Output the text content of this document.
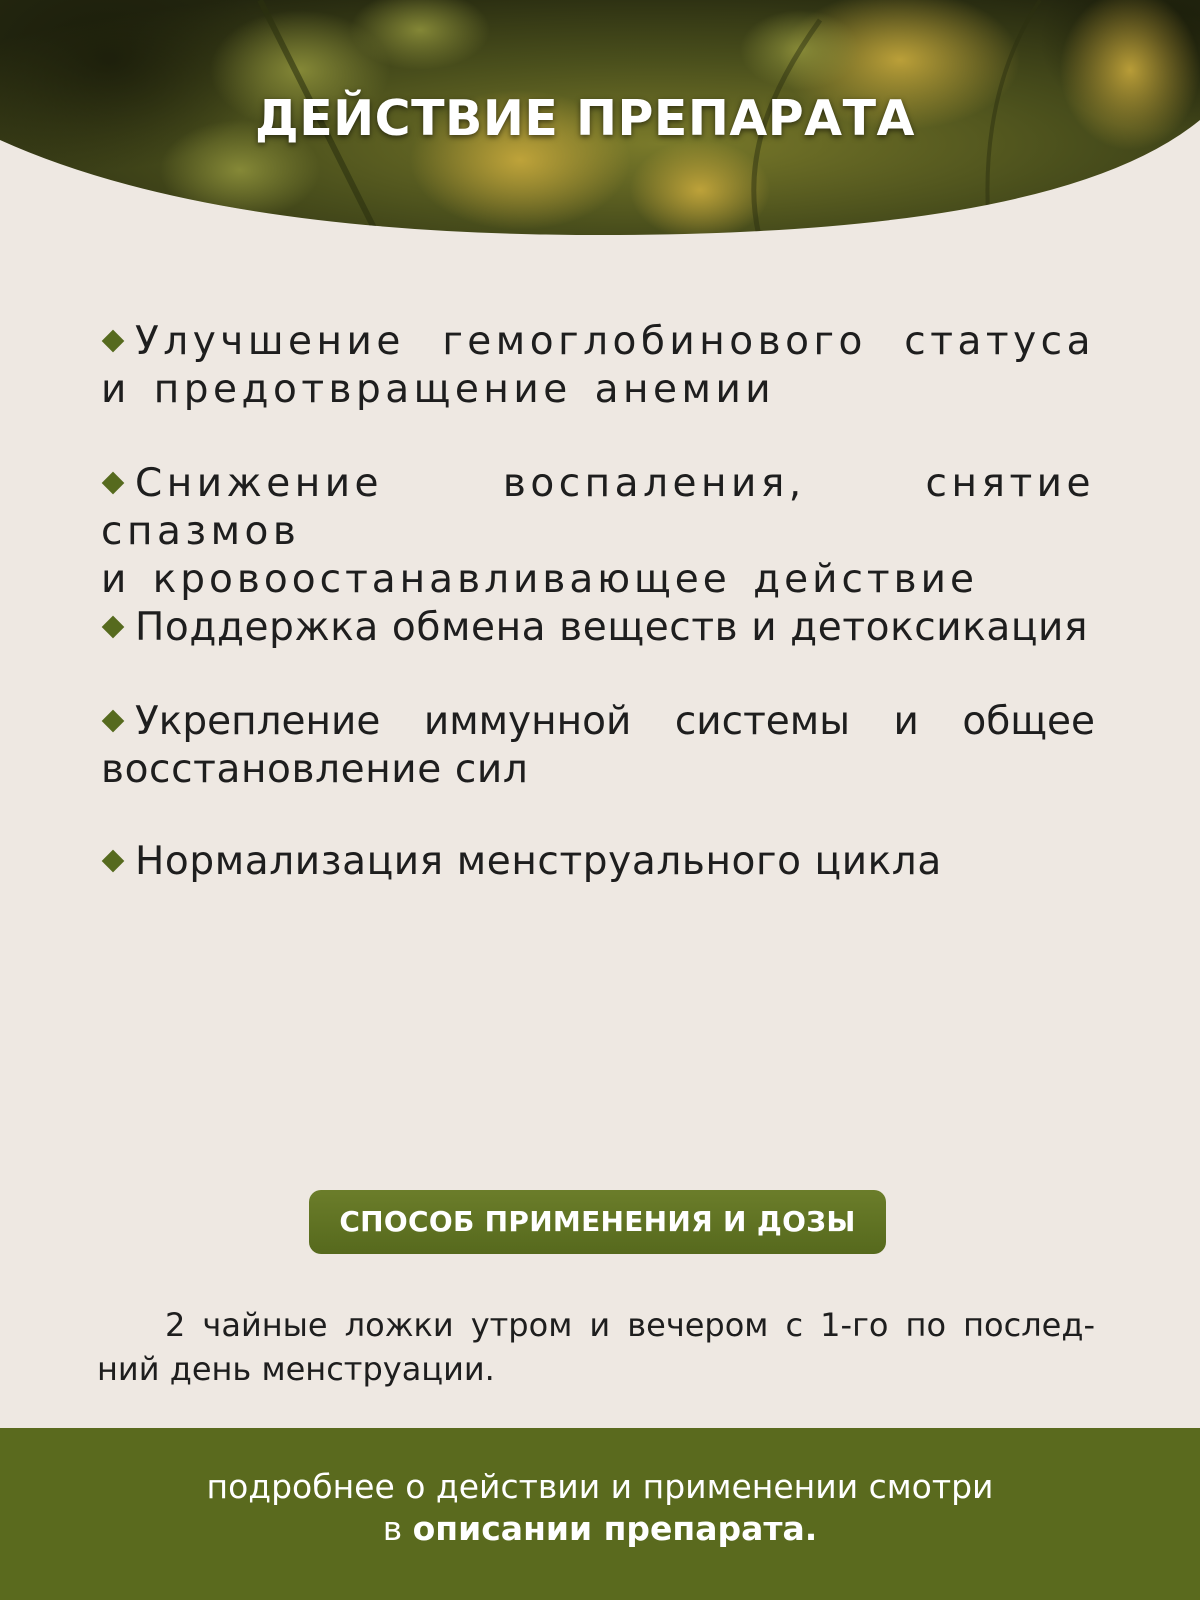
ДЕЙСТВИЕ ПРЕПАРАТА
Улучшение гемоглобинового статуса
и предотвращение анемии
Снижение воспаления, снятие спазмов
и кровоостанавливающее действие
Поддержка обмена веществ и детоксикация
Укрепление иммунной системы и общее
восстановление сил
Нормализация менструального цикла
СПОСОБ ПРИМЕНЕНИЯ И ДОЗЫ
2 чайные ложки утром и вечером с 1-го по послед-
ний день менструации.
подробнее о действии и применении смотри
в описании препарата.
